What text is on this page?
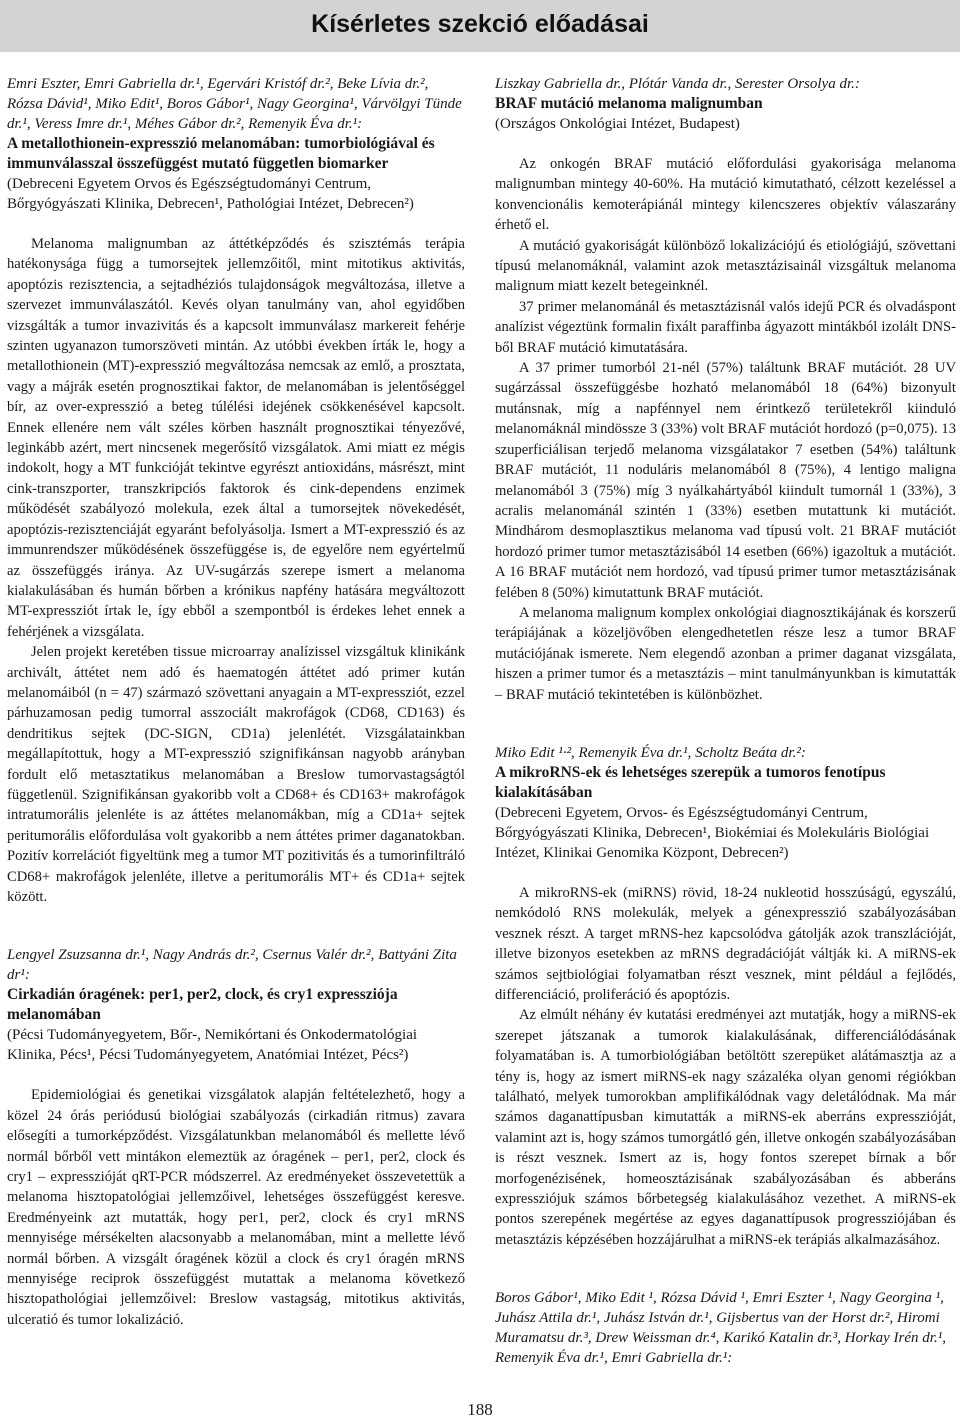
Kísérletes szekció előadásai

Emri Eszter, Emri Gabriella dr.¹, Egervári Kristóf dr.², Beke Lívia dr.², Rózsa Dávid¹, Miko Edit¹, Boros Gábor¹, Nagy Georgina¹, Várvölgyi Tünde dr.¹, Veress Imre dr.¹, Méhes Gábor dr.², Remenyik Éva dr.¹:

A metallothionein-expresszió melanomában: tumorbiológiával és immunválasszal összefüggést mutató független biomarker

(Debreceni Egyetem Orvos és Egészségtudományi Centrum, Bőrgyógyászati Klinika, Debrecen¹, Pathológiai Intézet, Debrecen²)

Melanoma malignumban az áttétképződés és szisztémás terápia hatékonysága függ a tumorsejtek jellemzőitől, mint mitotikus aktivitás, apoptózis rezisztencia, a sejtadhéziós tulajdonságok megváltozása, illetve a szervezet immunválaszától. Kevés olyan tanulmány van, ahol egyidőben vizsgálták a tumor invazivitás és a kapcsolt immunválasz markereit fehérje szinten ugyanazon tumorszöveti mintán. Az utóbbi években írták le, hogy a metallothionein (MT)-expresszió megváltozása nemcsak az emlő, a prosztata, vagy a májrák esetén prognosztikai faktor, de melanomában is jelentőséggel bír, az over-expresszió a beteg túlélési idejének csökkenésével kapcsolt. Ennek ellenére nem vált széles körben használt prognosztikai tényezővé, leginkább azért, mert nincsenek megerősítő vizsgálatok. Ami miatt ez mégis indokolt, hogy a MT funkcióját tekintve egyrészt antioxidáns, másrészt, mint cink-transzporter, transzkripciós faktorok és cink-dependens enzimek működését szabályozó molekula, ezek által a tumorsejtek növekedését, apoptózis-rezisztenciáját egyaránt befolyásolja. Ismert a MT-expresszió és az immunrendszer működésének összefüggése is, de egyelőre nem egyértelmű az összefüggés iránya. Az UV-sugárzás szerepe ismert a melanoma kialakulásában és humán bőrben a krónikus napfény hatására megváltozott MT-expressziót írtak le, így ebből a szempontból is érdekes lehet ennek a fehérjének a vizsgálata.

Jelen projekt keretében tissue microarray analízissel vizsgáltuk klinikánk archivált, áttétet nem adó és haematogén áttétet adó primer kután melanomáiból (n = 47) származó szövettani anyagain a MT-expressziót, ezzel párhuzamosan pedig tumorral asszociált makrofágok (CD68, CD163) és dendritikus sejtek (DC-SIGN, CD1a) jelenlétét. Vizsgálatainkban megállapítottuk, hogy a MT-expresszió szignifikánsan nagyobb arányban fordult elő metasztatikus melanomában a Breslow tumorvastagságtól függetlenül. Szignifikánsan gyakoribb volt a CD68+ és CD163+ makrofágok intratumorális jelenléte is az áttétes melanomákban, míg a CD1a+ sejtek peritumorális előfordulása volt gyakoribb a nem áttétes primer daganatokban. Pozitív korrelációt figyeltünk meg a tumor MT pozitivitás és a tumorinfiltráló CD68+ makrofágok jelenléte, illetve a peritumorális MT+ és CD1a+ sejtek között.

Lengyel Zsuzsanna dr.¹, Nagy András dr.², Csernus Valér dr.², Battyáni Zita dr¹:

Cirkadián óragének: per1, per2, clock, és cry1 expressziója melanomában

(Pécsi Tudományegyetem, Bőr-, Nemikórtani és Onkodermatológiai Klinika, Pécs¹, Pécsi Tudományegyetem, Anatómiai Intézet, Pécs²)

Epidemiológiai és genetikai vizsgálatok alapján feltételezhető, hogy a közel 24 órás periódusú biológiai szabályozás (cirkadián ritmus) zavara elősegíti a tumorképződést. Vizsgálatunkban melanomából és mellette lévő normál bőrből vett mintákon elemeztük az óragének – per1, per2, clock és cry1 – expresszióját qRT-PCR módszerrel. Az eredményeket összevetettük a melanoma hisztopatológiai jellemzőivel, lehetséges összefüggést keresve. Eredményeink azt mutatták, hogy per1, per2, clock és cry1 mRNS mennyisége mérsékelten alacsonyabb a melanomában, mint a mellette lévő normál bőrben. A vizsgált óragének közül a clock és cry1 óragén mRNS mennyisége reciprok összefüggést mutattak a melanoma következő hisztopathológiai jellemzőivel: Breslow vastagság, mitotikus aktivitás, ulceratió és tumor lokalizáció.

Liszkay Gabriella dr., Plótár Vanda dr., Serester Orsolya dr.:

BRAF mutáció melanoma malignumban

(Országos Onkológiai Intézet, Budapest)

Az onkogén BRAF mutáció előfordulási gyakorisága melanoma malignumban mintegy 40-60%. Ha mutáció kimutatható, célzott kezeléssel a konvencionális kemoterápiánál mintegy kilencszeres objektív válaszarány érhető el.

A mutáció gyakoriságát különböző lokalizációjú és etiológiájú, szövettani típusú melanomáknál, valamint azok metasztázisainál vizsgáltuk melanoma malignum miatt kezelt betegeinknél.

37 primer melanománál és metasztázisnál valós idejű PCR és olvadáspont analízist végeztünk formalin fixált paraffinba ágyazott mintákból izolált DNS-ből BRAF mutáció kimutatására.

A 37 primer tumorból 21-nél (57%) találtunk BRAF mutációt. 28 UV sugárzással összefüggésbe hozható melanomából 18 (64%) bizonyult mutánsnak, míg a napfénnyel nem érintkező területekről kiinduló melanomáknál mindössze 3 (33%) volt BRAF mutációt hordozó (p=0,075). 13 szuperficiálisan terjedő melanoma vizsgálatakor 7 esetben (54%) találtunk BRAF mutációt, 11 noduláris melanomából 8 (75%), 4 lentigo maligna melanomából 3 (75%) míg 3 nyálkahártyából kiindult tumornál 1 (33%), 3 acralis melanománál szintén 1 (33%) esetben mutattunk ki mutációt. Mindhárom desmoplasztikus melanoma vad típusú volt. 21 BRAF mutációt hordozó primer tumor metasztázisából 14 esetben (66%) igazoltuk a mutációt. A 16 BRAF mutációt nem hordozó, vad típusú primer tumor metasztázisának felében 8 (50%) kimutattunk BRAF mutációt.

A melanoma malignum komplex onkológiai diagnosztikájának és korszerű terápiájának a közeljövőben elengedhetetlen része lesz a tumor BRAF mutációjának ismerete. Nem elegendő azonban a primer daganat vizsgálata, hiszen a primer tumor és a metasztázis – mint tanulmányunkban is kimutatták – BRAF mutáció tekintetében is különbözhet.

Miko Edit ¹·², Remenyik Éva dr.¹, Scholtz Beáta dr.²:

A mikroRNS-ek és lehetséges szerepük a tumoros fenotípus kialakításában

(Debreceni Egyetem, Orvos- és Egészségtudományi Centrum, Bőrgyógyászati Klinika, Debrecen¹, Biokémiai és Molekuláris Biológiai Intézet, Klinikai Genomika Központ, Debrecen²)

A mikroRNS-ek (miRNS) rövid, 18-24 nukleotid hosszúságú, egyszálú, nemkódoló RNS molekulák, melyek a génexpresszió szabályozásában vesznek részt. A target mRNS-hez kapcsolódva gátolják azok transzlációját, illetve bizonyos esetekben az mRNS degradációját váltják ki. A miRNS-ek számos sejtbiológiai folyamatban részt vesznek, mint például a fejlődés, differenciáció, proliferáció és apoptózis.

Az elmúlt néhány év kutatási eredményei azt mutatják, hogy a miRNS-ek szerepet játszanak a tumorok kialakulásának, differenciálódásának folyamatában is. A tumorbiológiában betöltött szerepüket alátámasztja az a tény is, hogy az ismert miRNS-ek nagy százaléka olyan genomi régiókban található, melyek tumorokban amplifikálódnak vagy deletálódnak. Ma már számos daganattípusban kimutatták a miRNS-ek aberráns expresszióját, valamint azt is, hogy számos tumorgátló gén, illetve onkogén szabályozásában is részt vesznek. Ismert az is, hogy fontos szerepet bírnak a bőr morfogenézisének, homeosztázisának szabályozásában és abberáns expressziójuk számos bőrbetegség kialakulásához vezethet. A miRNS-ek pontos szerepének megértése az egyes daganattípusok progressziójában és metasztázis képzésében hozzájárulhat a miRNS-ek terápiás alkalmazásához.

Boros Gábor¹, Miko Edit ¹, Rózsa Dávid ¹, Emri Eszter ¹, Nagy Georgina ¹, Juhász Attila dr.¹, Juhász István dr.¹, Gijsbertus van der Horst dr.², Hiromi Muramatsu dr.³, Drew Weissman dr.⁴, Karikó Katalin dr.³, Horkay Irén dr.¹, Remenyik Éva dr.¹, Emri Gabriella dr.¹:

188
